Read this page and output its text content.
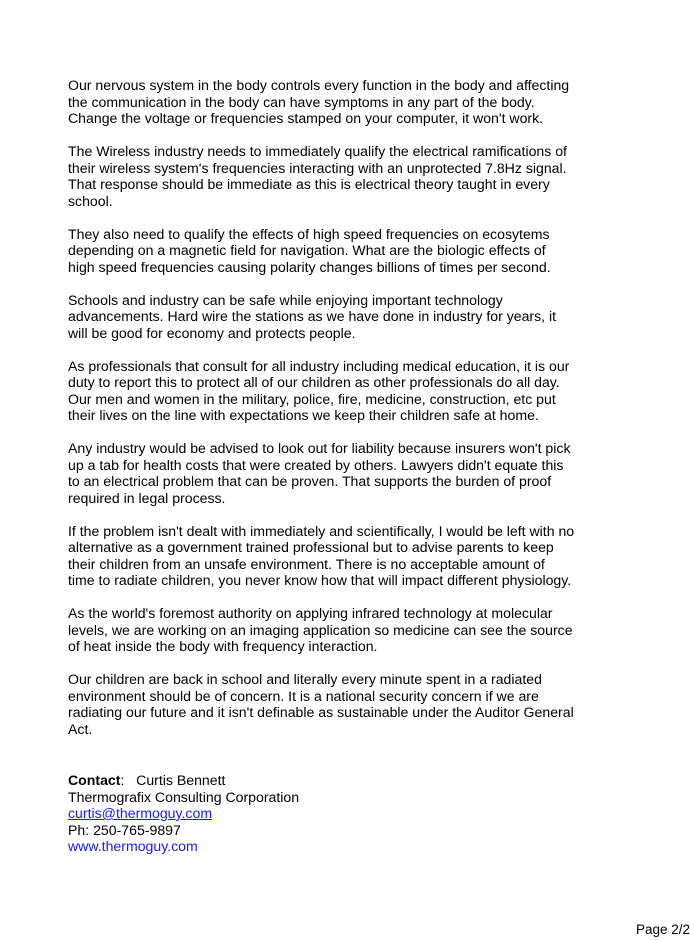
Our nervous system in the body controls every function in the body and affecting
the communication in the body can have symptoms in any part of the body.
Change the voltage or frequencies stamped on your computer, it won't work.

The Wireless industry needs to immediately qualify the electrical ramifications of
their wireless system's frequencies interacting with an unprotected 7.8Hz signal.
That response should be immediate as this is electrical theory taught in every
school.

They also need to qualify the effects of high speed frequencies on ecosytems
depending on a magnetic field for navigation. What are the biologic effects of
high speed frequencies causing polarity changes billions of times per second.

Schools and industry can be safe while enjoying important technology
advancements. Hard wire the stations as we have done in industry for years, it
will be good for economy and protects people.

As professionals that consult for all industry including medical education, it is our
duty to report this to protect all of our children as other professionals do all day.
Our men and women in the military, police, fire, medicine, construction, etc put
their lives on the line with expectations we keep their children safe at home.

Any industry would be advised to look out for liability because insurers won't pick
up a tab for health costs that were created by others. Lawyers didn't equate this
to an electrical problem that can be proven. That supports the burden of proof
required in legal process.

If the problem isn't dealt with immediately and scientifically, I would be left with no
alternative as a government trained professional but to advise parents to keep
their children from an unsafe environment. There is no acceptable amount of
time to radiate children, you never know how that will impact different physiology.

As the world's foremost authority on applying infrared technology at molecular
levels, we are working on an imaging application so medicine can see the source
of heat inside the body with frequency interaction.

Our children are back in school and literally every minute spent in a radiated
environment should be of concern. It is a national security concern if we are
radiating our future and it isn't definable as sustainable under the Auditor General
Act.

Contact:   Curtis Bennett
Thermografix Consulting Corporation
curtis@thermoguy.com
Ph: 250-765-9897
www.thermoguy.com
Page 2/2
